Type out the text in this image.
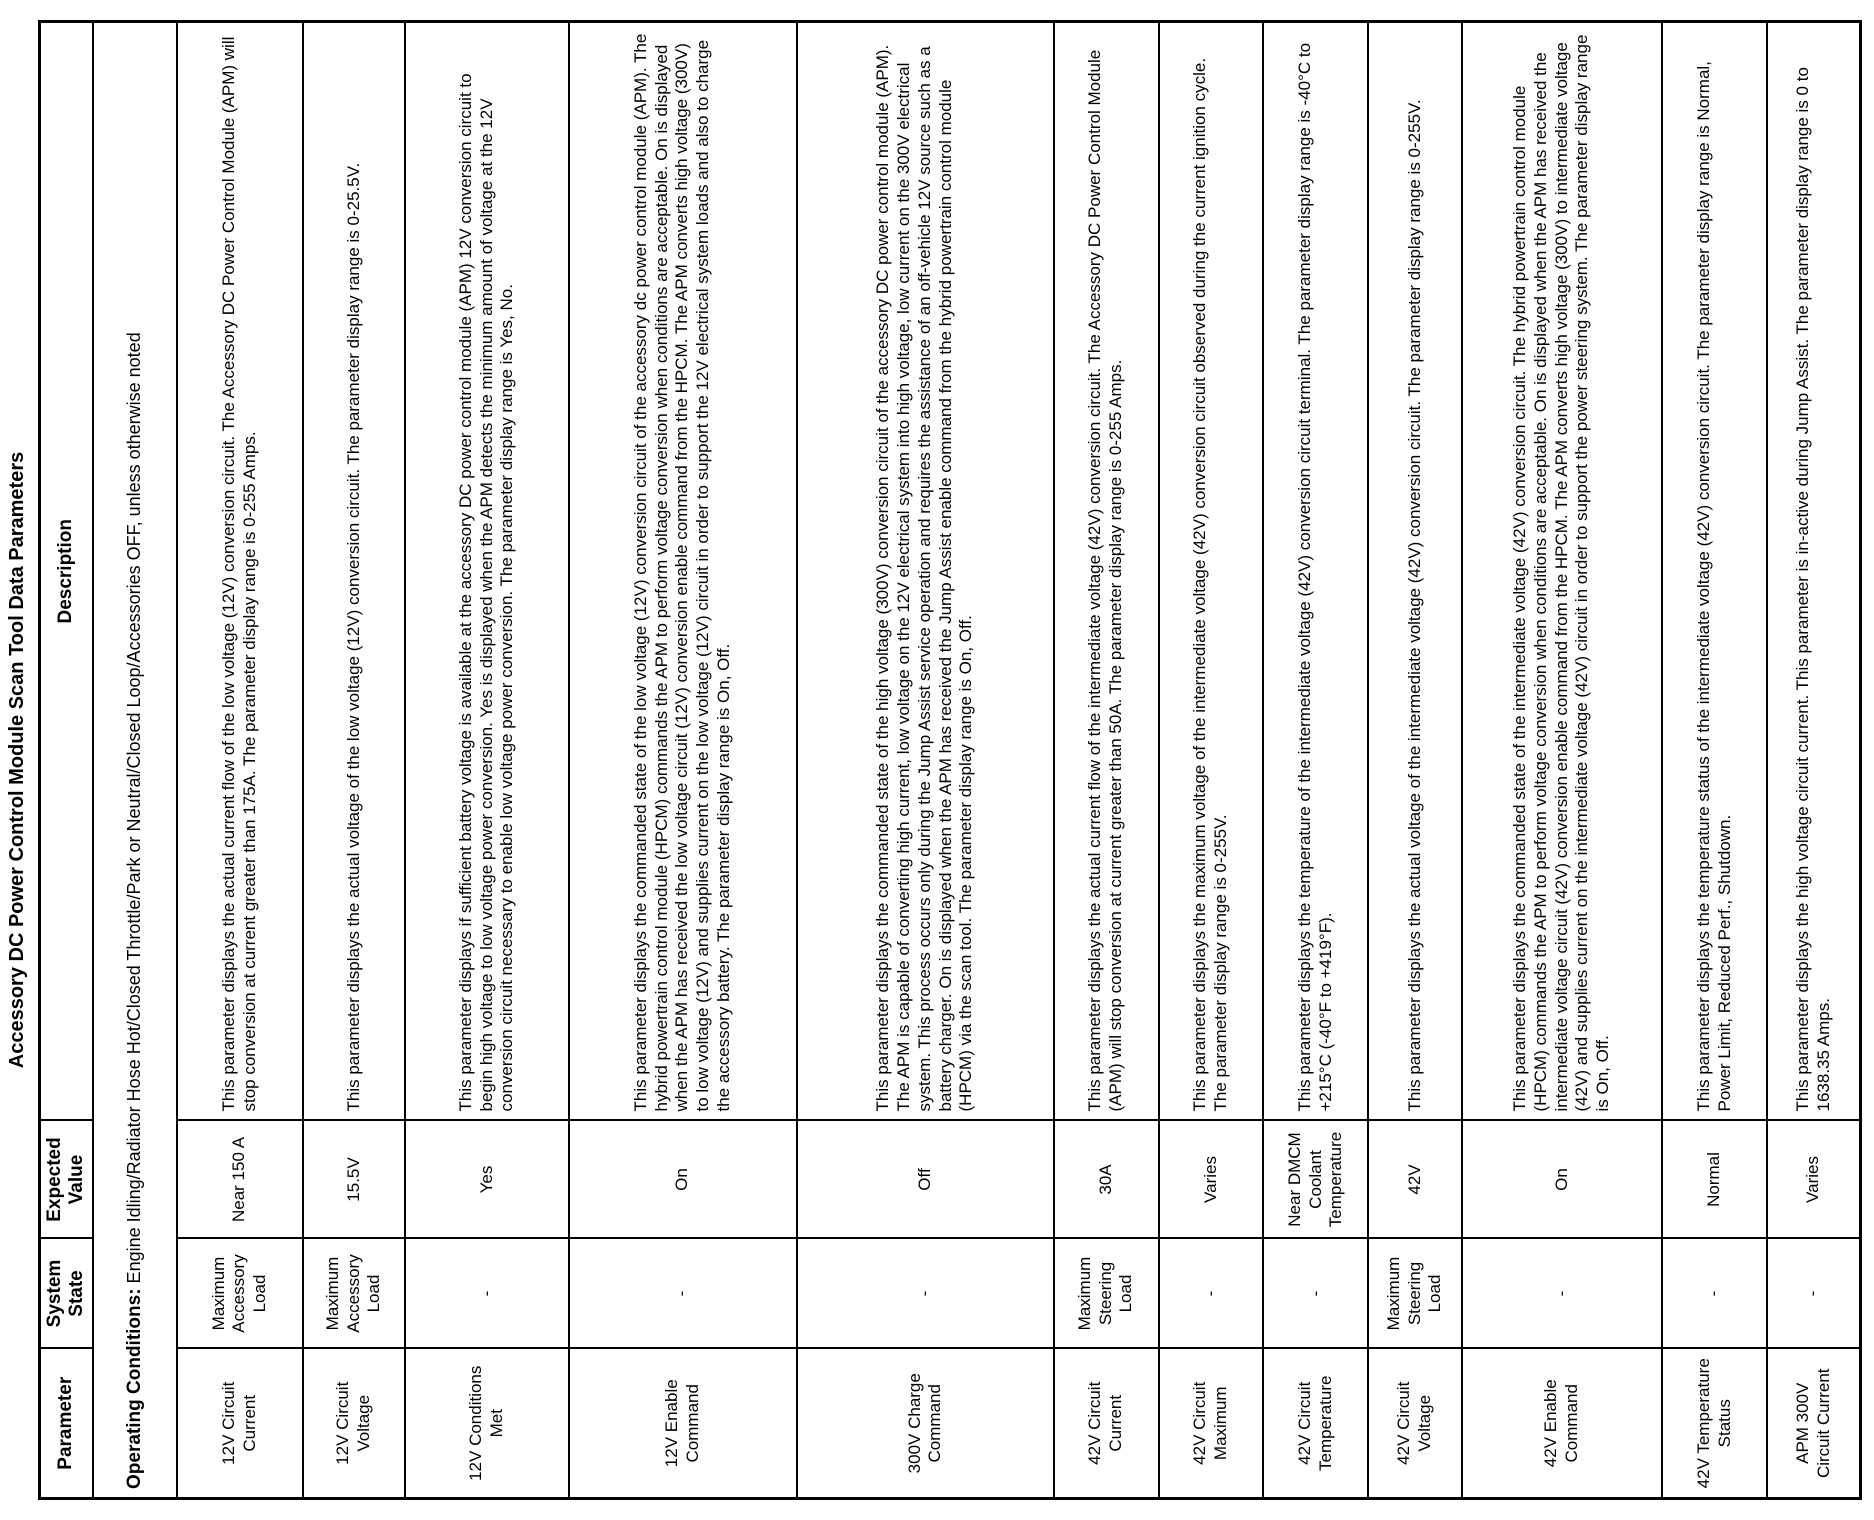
Accessory DC Power Control Module Scan Tool Data Parameters
Parameter	System State	Expected Value	Description
Operating Conditions: Engine Idling/Radiator Hose Hot/Closed Throttle/Park or Neutral/Closed Loop/Accessories OFF, unless otherwise noted			
12V Circuit Current	Maximum Accessory Load	Near 150 A	This parameter displays the actual current flow of the low voltage (12V) conversion circuit. The Accessory DC Power Control Module (APM) will stop conversion at current greater than 175A. The parameter display range is 0-255 Amps.
12V Circuit Voltage	Maximum Accessory Load	15.5V	This parameter displays the actual voltage of the low voltage (12V) conversion circuit. The parameter display range is 0-25.5V.
12V Conditions Met	-	Yes	This parameter displays if sufficient battery voltage is available at the accessory DC power control module (APM) 12V conversion circuit to begin high voltage to low voltage power conversion. Yes is displayed when the APM detects the minimum amount of voltage at the 12V conversion circuit necessary to enable low voltage power conversion. The parameter display range is Yes, No.
12V Enable Command	-	On	This parameter displays the commanded state of the low voltage (12V) conversion circuit of the accessory dc power control module (APM). The hybrid powertrain control module (HPCM) commands the APM to perform voltage conversion when conditions are acceptable. On is displayed when the APM has received the low voltage circuit (12V) conversion enable command from the HPCM. The APM converts high voltage (300V) to low voltage (12V) and supplies current on the low voltage (12V) circuit in order to support the 12V electrical system loads and also to charge the accessory battery. The parameter display range is On, Off.
300V Charge Command	-	Off	This parameter displays the commanded state of the high voltage (300V) conversion circuit of the accessory DC power control module (APM). The APM is capable of converting high current, low voltage on the 12V electrical system into high voltage, low current on the 300V electrical system. This process occurs only during the Jump Assist service operation and requires the assistance of an off-vehicle 12V source such as a battery charger. On is displayed when the APM has received the Jump Assist enable command from the hybrid powertrain control module (HPCM) via the scan tool. The parameter display range is On, Off.
42V Circuit Current	Maximum Steering Load	30A	This parameter displays the actual current flow of the intermediate voltage (42V) conversion circuit. The Accessory DC Power Control Module (APM) will stop conversion at current greater than 50A. The parameter display range is 0-255 Amps.
42V Circuit Maximum	-	Varies	This parameter displays the maximum voltage of the intermediate voltage (42V) conversion circuit observed during the current ignition cycle. The parameter display range is 0-255V.
42V Circuit Temperature	-	Near DMCM Coolant Temperature	This parameter displays the temperature of the intermediate voltage (42V) conversion circuit terminal. The parameter display range is -40°C to +215°C (-40°F to +419°F).
42V Circuit Voltage	Maximum Steering Load	42V	This parameter displays the actual voltage of the intermediate voltage (42V) conversion circuit. The parameter display range is 0-255V.
42V Enable Command	-	On	This parameter displays the commanded state of the intermediate voltage (42V) conversion circuit. The hybrid powertrain control module (HPCM) commands the APM to perform voltage conversion when conditions are acceptable. On is displayed when the APM has received the intermediate voltage circuit (42V) conversion enable command from the HPCM. The APM converts high voltage (300V) to intermediate voltage (42V) and supplies current on the intermediate voltage (42V) circuit in order to support the power steering system. The parameter display range is On, Off.
42V Temperature Status	-	Normal	This parameter displays the temperature status of the intermediate voltage (42V) conversion circuit. The parameter display range is Normal, Power Limit, Reduced Perf., Shutdown.
APM 300V Circuit Current	-	Varies	This parameter displays the high voltage circuit current. This parameter is in-active during Jump Assist. The parameter display range is 0 to 1638.35 Amps.
